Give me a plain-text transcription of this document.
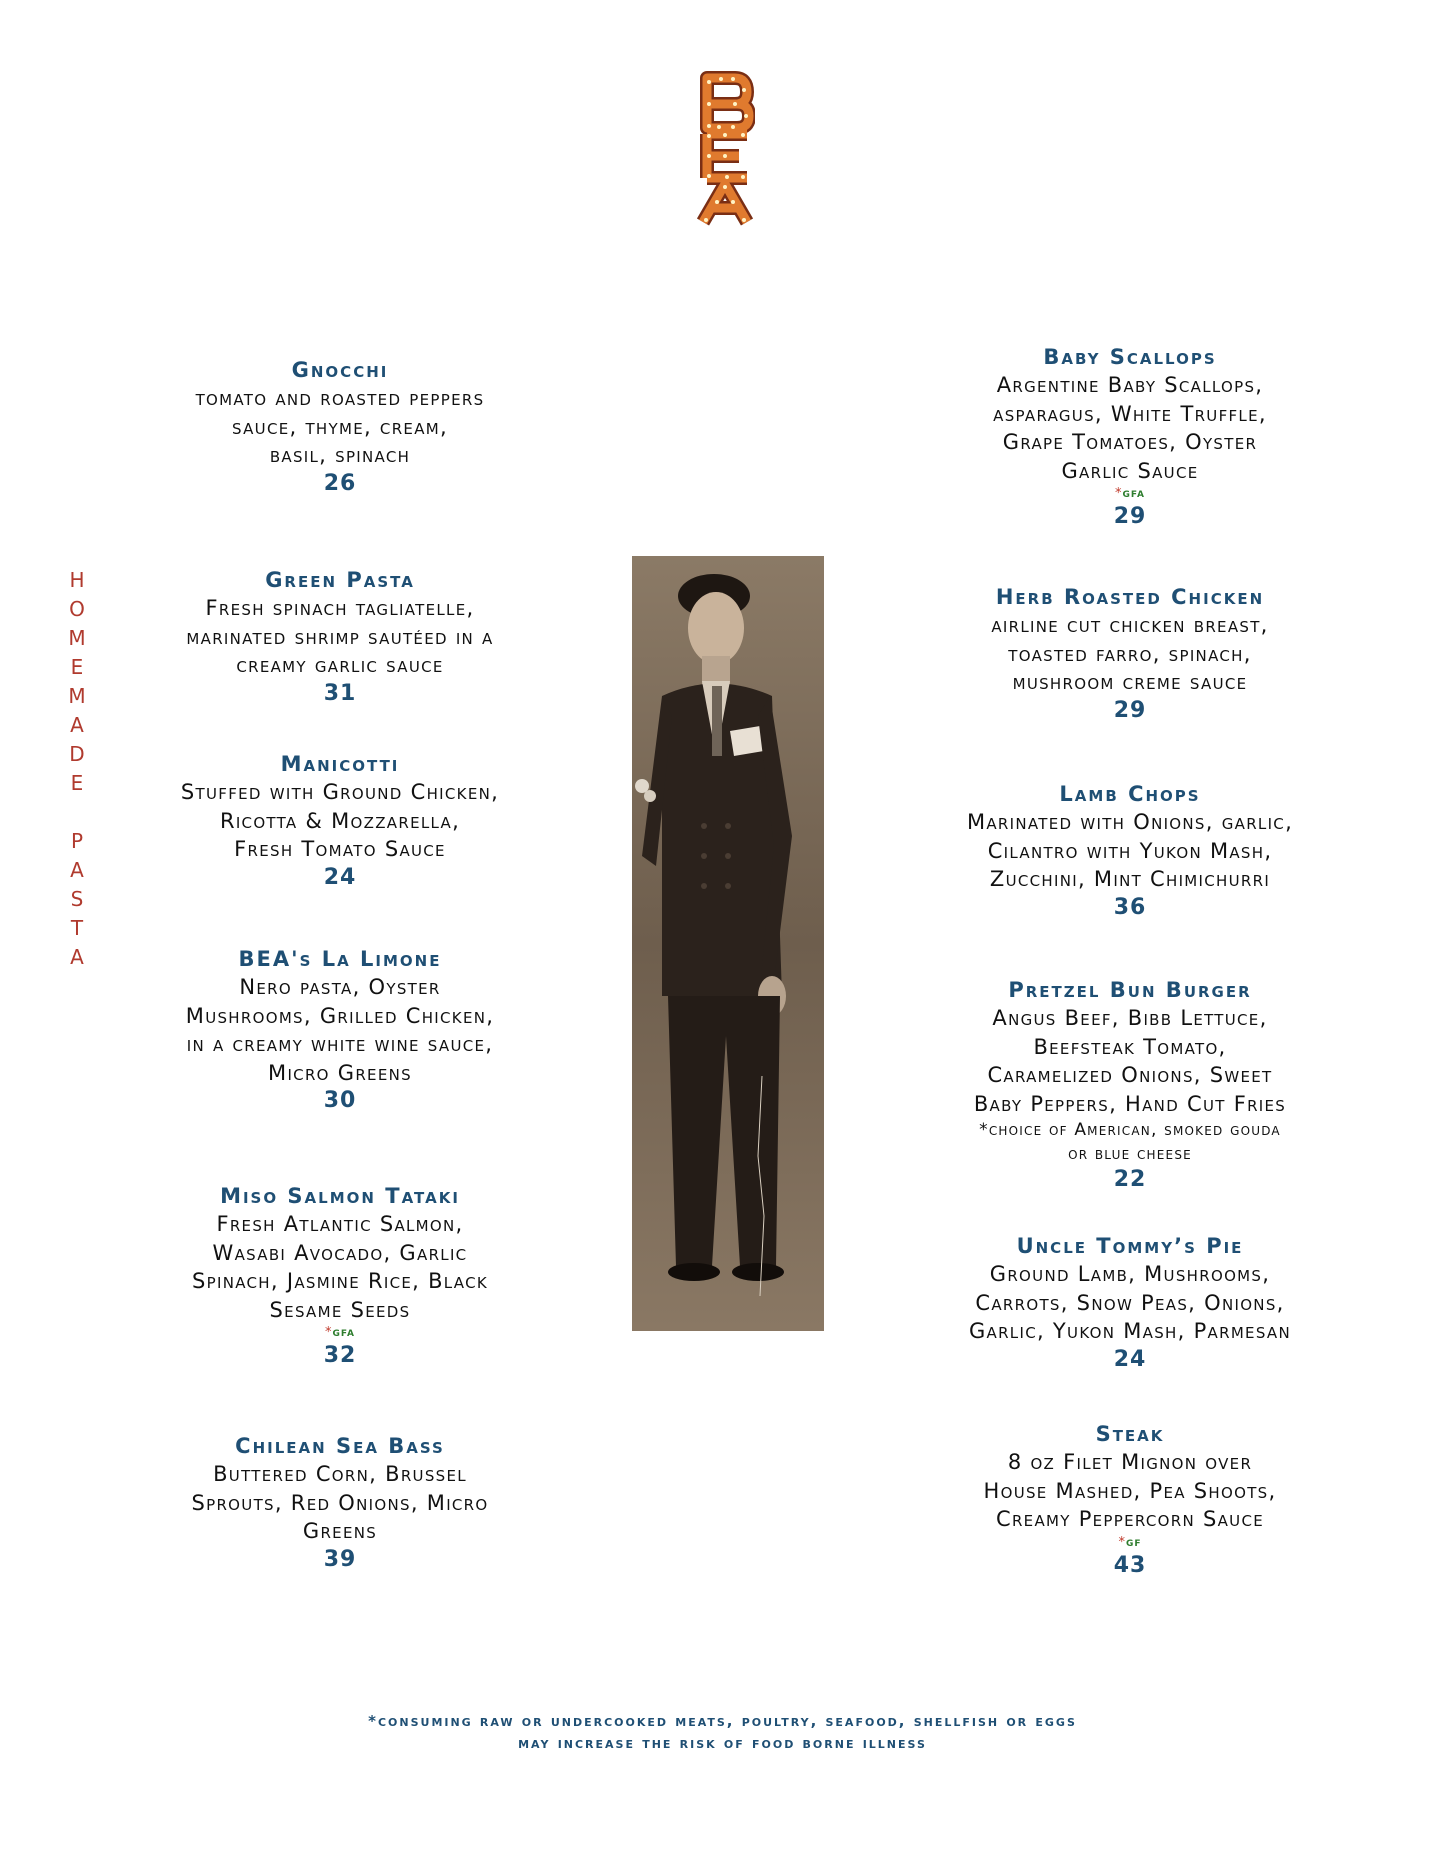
H
O
M
E
M
A
D
E
P
A
S
T
A
Gnocchi
tomato and roasted peppers
sauce, thyme, cream,
basil, spinach
26
Green Pasta
Fresh spinach tagliatelle,
marinated shrimp sautéed in a
creamy garlic sauce
31
Manicotti
Stuffed with Ground Chicken,
Ricotta & Mozzarella,
Fresh Tomato Sauce
24
BEA's La Limone
Nero pasta, Oyster
Mushrooms, Grilled Chicken,
in a creamy white wine sauce,
Micro Greens
30
Miso Salmon Tataki
Fresh Atlantic Salmon,
Wasabi Avocado, Garlic
Spinach, Jasmine Rice, Black
Sesame Seeds
*gfa
32
Chilean Sea Bass
Buttered Corn, Brussel
Sprouts, Red Onions, Micro
Greens
39
Baby Scallops
Argentine Baby Scallops,
asparagus, White Truffle,
Grape Tomatoes, Oyster
Garlic Sauce
*gfa
29
Herb Roasted Chicken
airline cut chicken breast,
toasted farro, spinach,
mushroom creme sauce
29
Lamb Chops
Marinated with Onions, garlic,
Cilantro with Yukon Mash,
Zucchini, Mint Chimichurri
36
Pretzel Bun Burger
Angus Beef, Bibb Lettuce,
Beefsteak Tomato,
Caramelized Onions, Sweet
Baby Peppers, Hand Cut Fries
*choice of American, smoked gouda
or blue cheese
22
Uncle Tommy’s Pie
Ground Lamb, Mushrooms,
Carrots, Snow Peas, Onions,
Garlic, Yukon Mash, Parmesan
24
Steak
8 oz Filet Mignon over
House Mashed, Pea Shoots,
Creamy Peppercorn Sauce
*gf
43
*consuming raw or undercooked meats, poultry, seafood, shellfish or eggs
may increase the risk of food borne illness
